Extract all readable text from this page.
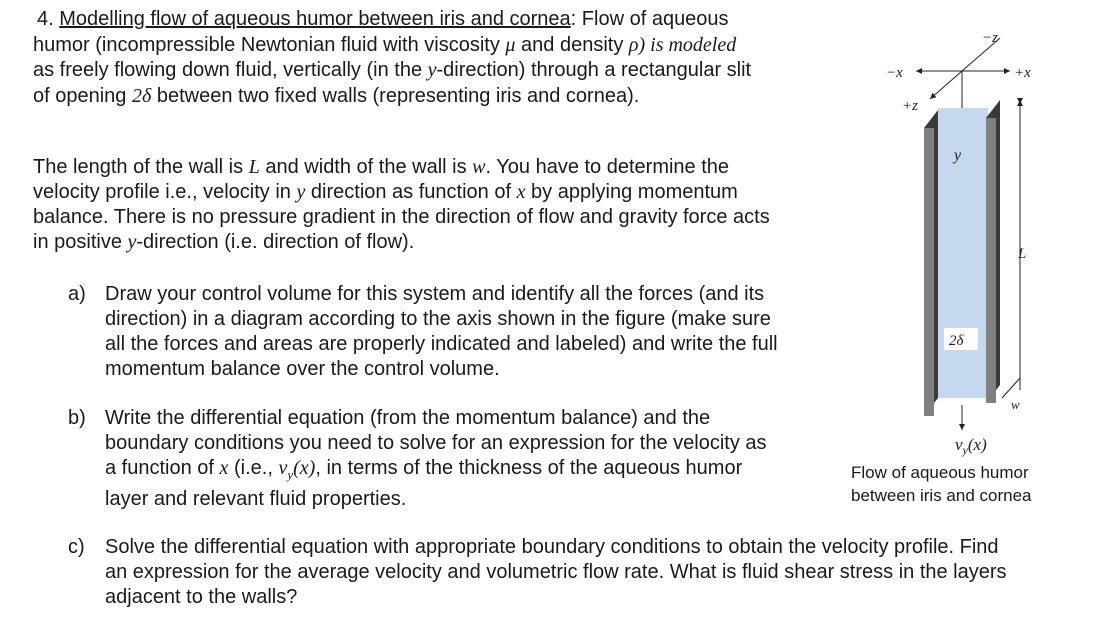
4. Modelling flow of aqueous humor between iris and cornea: Flow of aqueous
humor (incompressible Newtonian fluid with viscosity μ and density ρ) is modeled
as freely flowing down fluid, vertically (in the y-direction) through a rectangular slit
of opening 2δ between two fixed walls (representing iris and cornea).
The length of the wall is L and width of the wall is w. You have to determine the
velocity profile i.e., velocity in y direction as function of x by applying momentum
balance. There is no pressure gradient in the direction of flow and gravity force acts
in positive y-direction (i.e. direction of flow).
a) Draw your control volume for this system and identify all the forces (and its
direction) in a diagram according to the axis shown in the figure (make sure
all the forces and areas are properly indicated and labeled) and write the full
momentum balance over the control volume.
b) Write the differential equation (from the momentum balance) and the
boundary conditions you need to solve for an expression for the velocity as
a function of x (i.e., $v_y(x)$, in terms of the thickness of the aqueous humor
layer and relevant fluid properties.
c) Solve the differential equation with appropriate boundary conditions to obtain the velocity profile. Find
an expression for the average velocity and volumetric flow rate. What is fluid shear stress in the layers
adjacent to the walls?
−z
−x	+x
+z
y
L
2δ
w
$v_y(x)$
Flow of aqueous humor
between iris and cornea
